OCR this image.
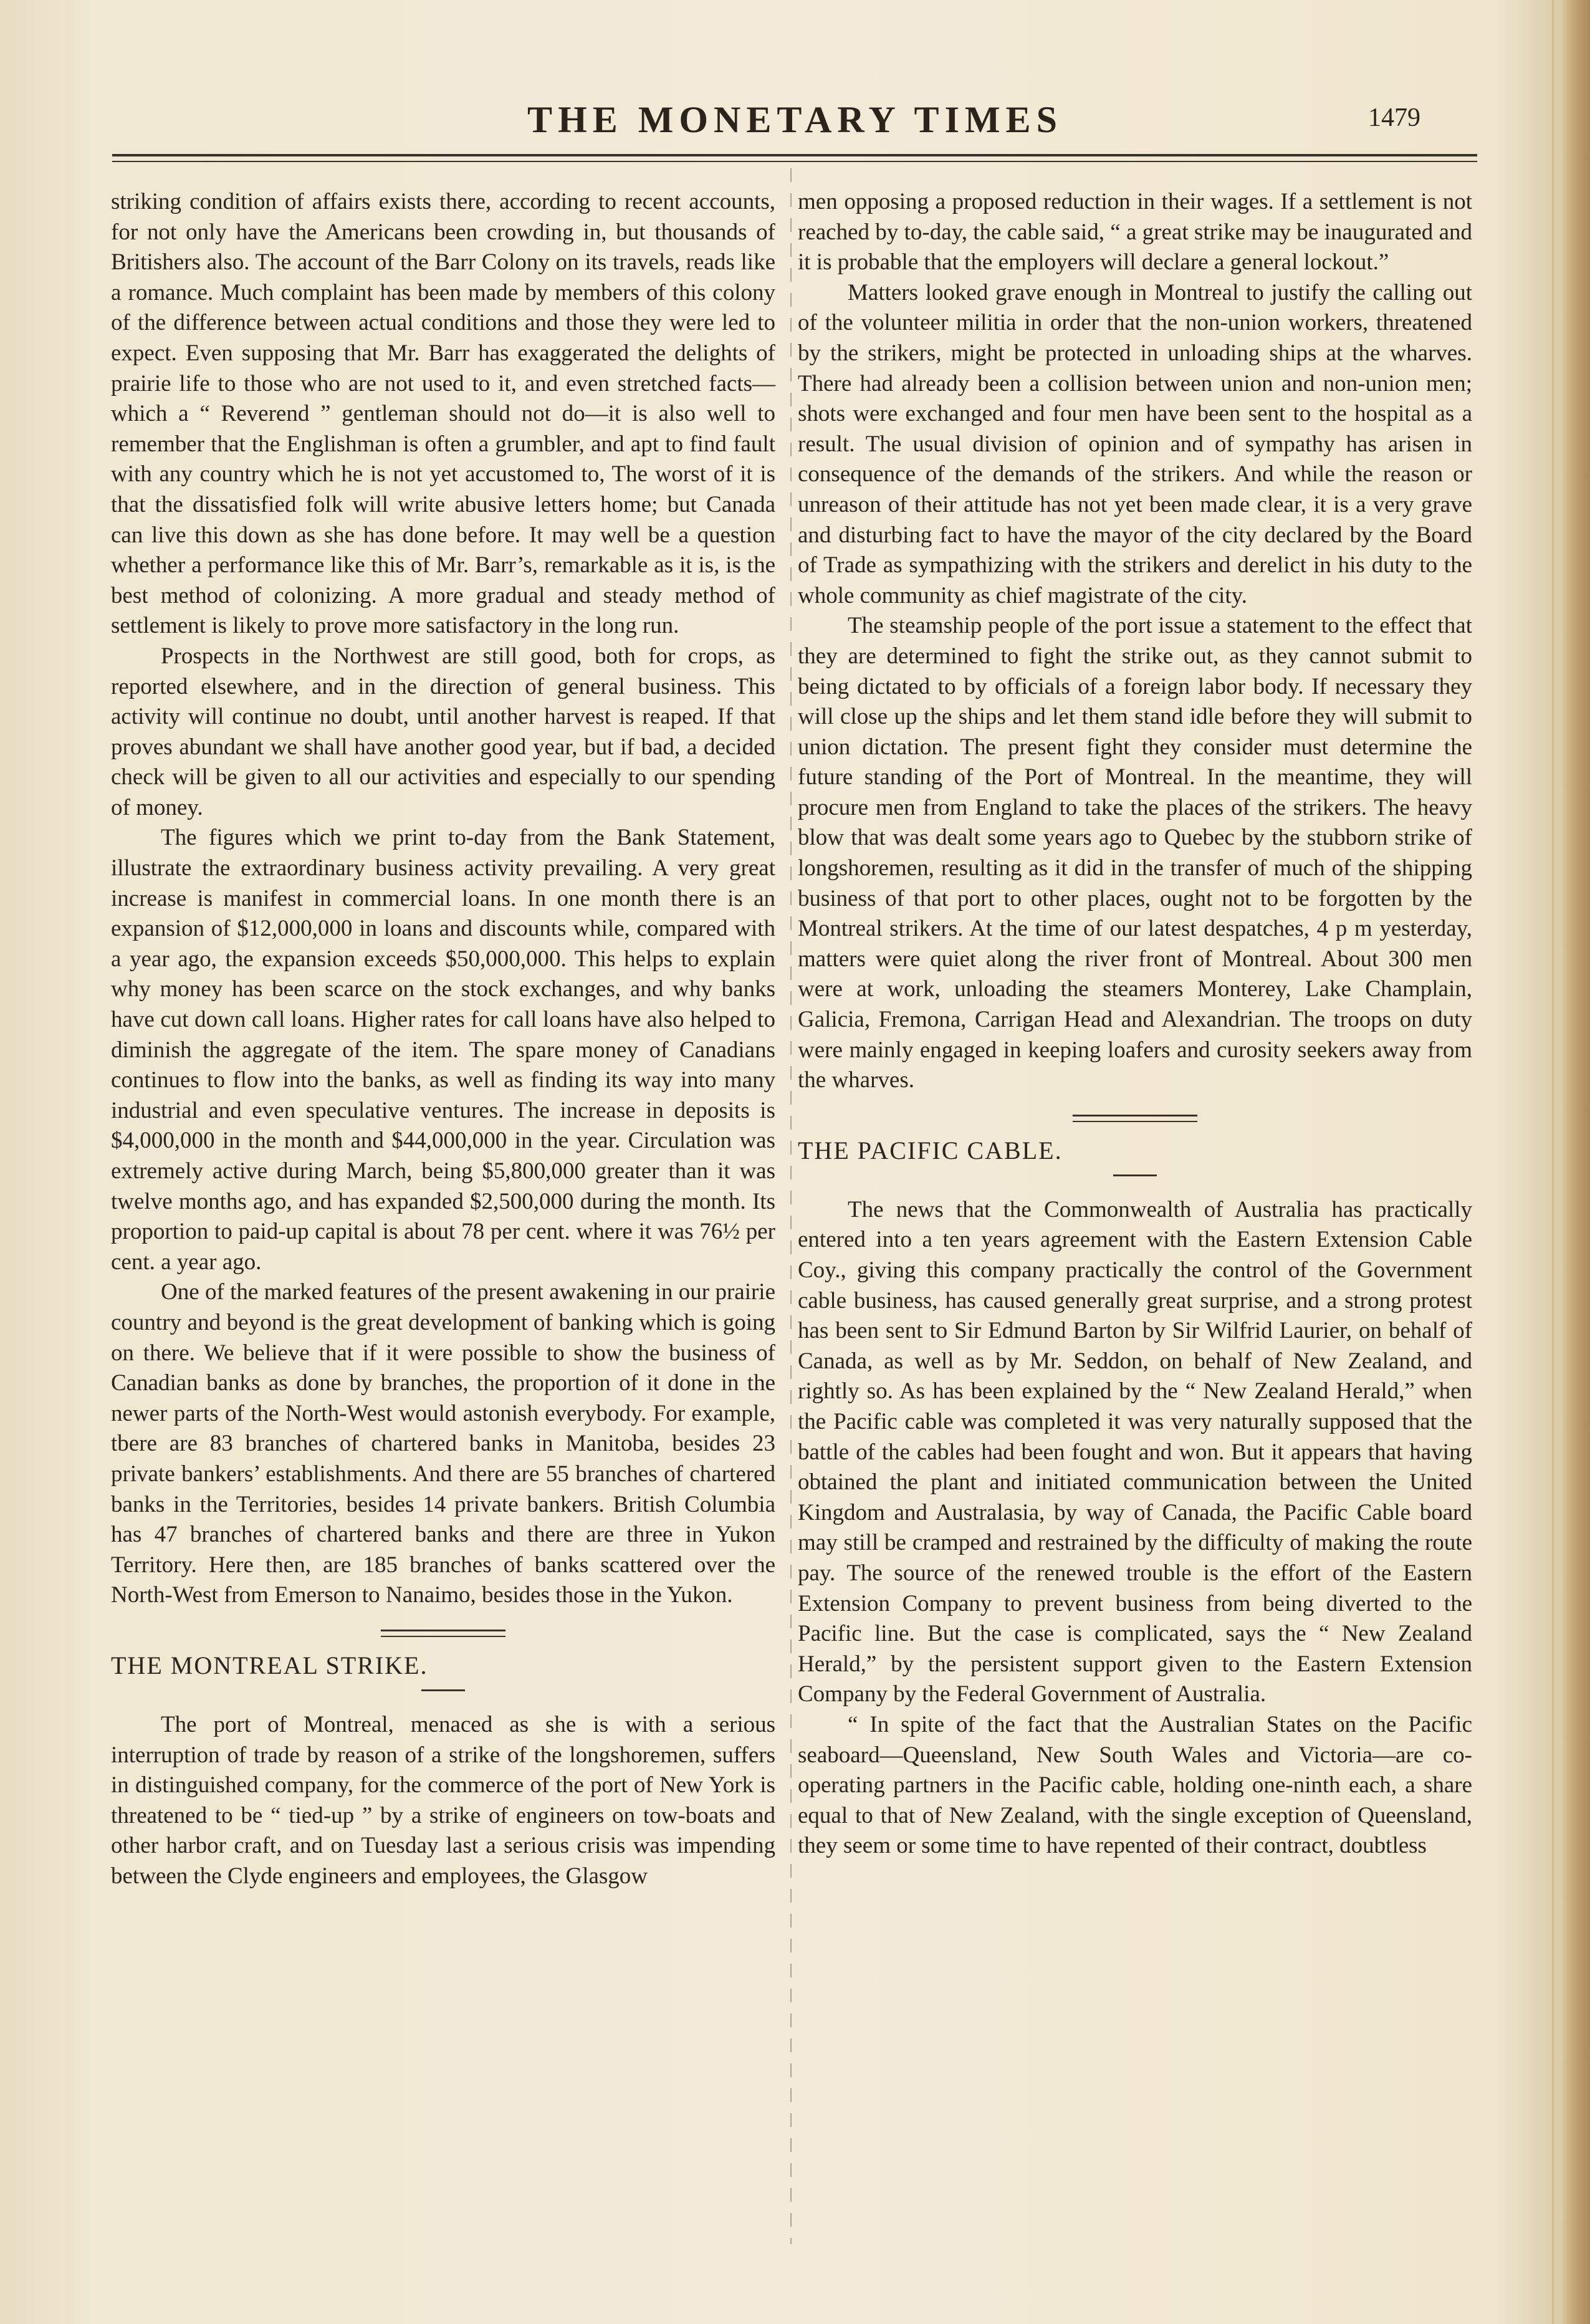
THE MONETARY TIMES	1479

striking condition of affairs exists there, according to recent accounts, for not only have the Americans been crowding in, but thousands of Britishers also. The account of the Barr Colony on its travels, reads like a romance. Much complaint has been made by members of this colony of the difference between actual conditions and those they were led to expect. Even supposing that Mr. Barr has exaggerated the delights of prairie life to those who are not used to it, and even stretched facts—which a “ Reverend ” gentleman should not do—it is also well to remember that the Englishman is often a grumbler, and apt to find fault with any country which he is not yet accustomed to, The worst of it is that the dissatisfied folk will write abusive letters home; but Canada can live this down as she has done before. It may well be a question whether a performance like this of Mr. Barr’s, remarkable as it is, is the best method of colonizing. A more gradual and steady method of settlement is likely to prove more satisfactory in the long run.

Prospects in the Northwest are still good, both for crops, as reported elsewhere, and in the direction of general business. This activity will continue no doubt, until another harvest is reaped. If that proves abundant we shall have another good year, but if bad, a decided check will be given to all our activities and especially to our spending of money.

The figures which we print to-day from the Bank Statement, illustrate the extraordinary business activity prevailing. A very great increase is manifest in commercial loans. In one month there is an expansion of $12,000,000 in loans and discounts while, compared with a year ago, the expansion exceeds $50,000,000. This helps to explain why money has been scarce on the stock exchanges, and why banks have cut down call loans. Higher rates for call loans have also helped to diminish the aggregate of the item. The spare money of Canadians continues to flow into the banks, as well as finding its way into many industrial and even speculative ventures. The increase in deposits is $4,000,000 in the month and $44,000,000 in the year. Circulation was extremely active during March, being $5,800,000 greater than it was twelve months ago, and has expanded $2,500,000 during the month. Its proportion to paid-up capital is about 78 per cent. where it was 76½ per cent. a year ago.

One of the marked features of the present awakening in our prairie country and beyond is the great development of banking which is going on there. We believe that if it were possible to show the business of Canadian banks as done by branches, the proportion of it done in the newer parts of the North-West would astonish everybody. For example, tbere are 83 branches of chartered banks in Manitoba, besides 23 private bankers’ establishments. And there are 55 branches of chartered banks in the Territories, besides 14 private bankers. British Columbia has 47 branches of chartered banks and there are three in Yukon Territory. Here then, are 185 branches of banks scattered over the North-West from Emerson to Nanaimo, besides those in the Yukon.

THE MONTREAL STRIKE.

The port of Montreal, menaced as she is with a serious interruption of trade by reason of a strike of the longshoremen, suffers in distinguished company, for the commerce of the port of New York is threatened to be “ tied-up ” by a strike of engineers on tow-boats and other harbor craft, and on Tuesday last a serious crisis was impending between the Clyde engineers and employees, the Glasgow

men opposing a proposed reduction in their wages. If a settlement is not reached by to-day, the cable said, “ a great strike may be inaugurated and it is probable that the employers will declare a general lockout.”

Matters looked grave enough in Montreal to justify the calling out of the volunteer militia in order that the non-union workers, threatened by the strikers, might be protected in unloading ships at the wharves. There had already been a collision between union and non-union men; shots were exchanged and four men have been sent to the hospital as a result. The usual division of opinion and of sympathy has arisen in consequence of the demands of the strikers. And while the reason or unreason of their attitude has not yet been made clear, it is a very grave and disturbing fact to have the mayor of the city declared by the Board of Trade as sympathizing with the strikers and derelict in his duty to the whole community as chief magistrate of the city.

The steamship people of the port issue a statement to the effect that they are determined to fight the strike out, as they cannot submit to being dictated to by officials of a foreign labor body. If necessary they will close up the ships and let them stand idle before they will submit to union dictation. The present fight they consider must determine the future standing of the Port of Montreal. In the meantime, they will procure men from England to take the places of the strikers. The heavy blow that was dealt some years ago to Quebec by the stubborn strike of longshoremen, resulting as it did in the transfer of much of the shipping business of that port to other places, ought not to be forgotten by the Montreal strikers. At the time of our latest despatches, 4 p m yesterday, matters were quiet along the river front of Montreal. About 300 men were at work, unloading the steamers Monterey, Lake Champlain, Galicia, Fremona, Carrigan Head and Alexandrian. The troops on duty were mainly engaged in keeping loafers and curosity seekers away from the wharves.

THE PACIFIC CABLE.

The news that the Commonwealth of Australia has practically entered into a ten years agreement with the Eastern Extension Cable Coy., giving this company practically the control of the Government cable business, has caused generally great surprise, and a strong protest has been sent to Sir Edmund Barton by Sir Wilfrid Laurier, on behalf of Canada, as well as by Mr. Seddon, on behalf of New Zealand, and rightly so. As has been explained by the “ New Zealand Herald,” when the Pacific cable was completed it was very naturally supposed that the battle of the cables had been fought and won. But it appears that having obtained the plant and initiated communication between the United Kingdom and Australasia, by way of Canada, the Pacific Cable board may still be cramped and restrained by the difficulty of making the route pay. The source of the renewed trouble is the effort of the Eastern Extension Company to prevent business from being diverted to the Pacific line. But the case is complicated, says the “ New Zealand Herald,” by the persistent support given to the Eastern Extension Company by the Federal Government of Australia.

“ In spite of the fact that the Australian States on the Pacific seaboard—Queensland, New South Wales and Victoria—are co-operating partners in the Pacific cable, holding one-ninth each, a share equal to that of New Zealand, with the single exception of Queensland, they seem or some time to have repented of their contract, doubtless
